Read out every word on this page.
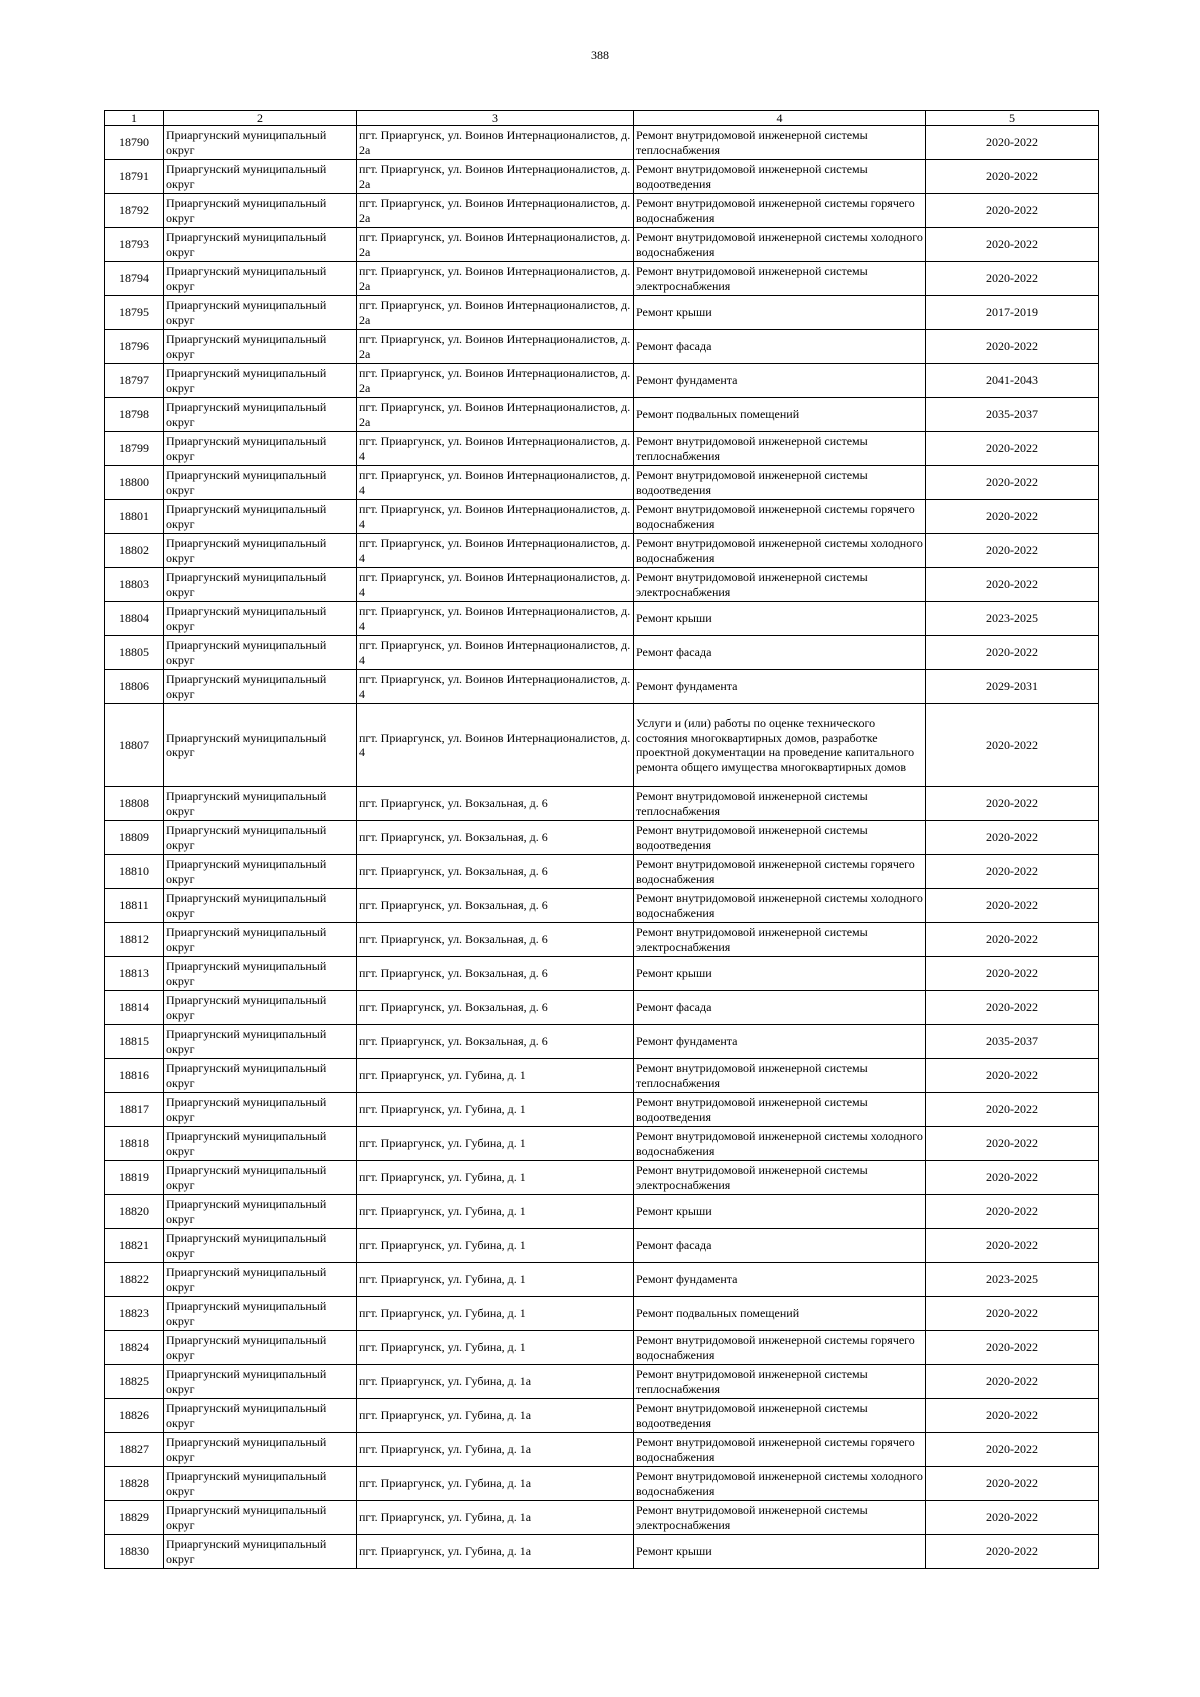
388
1	2	3	4	5
18790	Приаргунский муниципальный округ	пгт. Приаргунск, ул. Воинов Интернационалистов, д. 2а	Ремонт внутридомовой инженерной системы теплоснабжения	2020-2022
18791	Приаргунский муниципальный округ	пгт. Приаргунск, ул. Воинов Интернационалистов, д. 2а	Ремонт внутридомовой инженерной системы водоотведения	2020-2022
18792	Приаргунский муниципальный округ	пгт. Приаргунск, ул. Воинов Интернационалистов, д. 2а	Ремонт внутридомовой инженерной системы горячего водоснабжения	2020-2022
18793	Приаргунский муниципальный округ	пгт. Приаргунск, ул. Воинов Интернационалистов, д. 2а	Ремонт внутридомовой инженерной системы холодного водоснабжения	2020-2022
18794	Приаргунский муниципальный округ	пгт. Приаргунск, ул. Воинов Интернационалистов, д. 2а	Ремонт внутридомовой инженерной системы электроснабжения	2020-2022
18795	Приаргунский муниципальный округ	пгт. Приаргунск, ул. Воинов Интернационалистов, д. 2а	Ремонт крыши	2017-2019
18796	Приаргунский муниципальный округ	пгт. Приаргунск, ул. Воинов Интернационалистов, д. 2а	Ремонт фасада	2020-2022
18797	Приаргунский муниципальный округ	пгт. Приаргунск, ул. Воинов Интернационалистов, д. 2а	Ремонт фундамента	2041-2043
18798	Приаргунский муниципальный округ	пгт. Приаргунск, ул. Воинов Интернационалистов, д. 2а	Ремонт подвальных помещений	2035-2037
18799	Приаргунский муниципальный округ	пгт. Приаргунск, ул. Воинов Интернационалистов, д. 4	Ремонт внутридомовой инженерной системы теплоснабжения	2020-2022
18800	Приаргунский муниципальный округ	пгт. Приаргунск, ул. Воинов Интернационалистов, д. 4	Ремонт внутридомовой инженерной системы водоотведения	2020-2022
18801	Приаргунский муниципальный округ	пгт. Приаргунск, ул. Воинов Интернационалистов, д. 4	Ремонт внутридомовой инженерной системы горячего водоснабжения	2020-2022
18802	Приаргунский муниципальный округ	пгт. Приаргунск, ул. Воинов Интернационалистов, д. 4	Ремонт внутридомовой инженерной системы холодного водоснабжения	2020-2022
18803	Приаргунский муниципальный округ	пгт. Приаргунск, ул. Воинов Интернационалистов, д. 4	Ремонт внутридомовой инженерной системы электроснабжения	2020-2022
18804	Приаргунский муниципальный округ	пгт. Приаргунск, ул. Воинов Интернационалистов, д. 4	Ремонт крыши	2023-2025
18805	Приаргунский муниципальный округ	пгт. Приаргунск, ул. Воинов Интернационалистов, д. 4	Ремонт фасада	2020-2022
18806	Приаргунский муниципальный округ	пгт. Приаргунск, ул. Воинов Интернационалистов, д. 4	Ремонт фундамента	2029-2031
18807	Приаргунский муниципальный округ	пгт. Приаргунск, ул. Воинов Интернационалистов, д. 4	Услуги и (или) работы по оценке технического состояния многоквартирных домов, разработке проектной документации на проведение капитального ремонта общего имущества многоквартирных домов	2020-2022
18808	Приаргунский муниципальный округ	пгт. Приаргунск, ул. Вокзальная, д. 6	Ремонт внутридомовой инженерной системы теплоснабжения	2020-2022
18809	Приаргунский муниципальный округ	пгт. Приаргунск, ул. Вокзальная, д. 6	Ремонт внутридомовой инженерной системы водоотведения	2020-2022
18810	Приаргунский муниципальный округ	пгт. Приаргунск, ул. Вокзальная, д. 6	Ремонт внутридомовой инженерной системы горячего водоснабжения	2020-2022
18811	Приаргунский муниципальный округ	пгт. Приаргунск, ул. Вокзальная, д. 6	Ремонт внутридомовой инженерной системы холодного водоснабжения	2020-2022
18812	Приаргунский муниципальный округ	пгт. Приаргунск, ул. Вокзальная, д. 6	Ремонт внутридомовой инженерной системы электроснабжения	2020-2022
18813	Приаргунский муниципальный округ	пгт. Приаргунск, ул. Вокзальная, д. 6	Ремонт крыши	2020-2022
18814	Приаргунский муниципальный округ	пгт. Приаргунск, ул. Вокзальная, д. 6	Ремонт фасада	2020-2022
18815	Приаргунский муниципальный округ	пгт. Приаргунск, ул. Вокзальная, д. 6	Ремонт фундамента	2035-2037
18816	Приаргунский муниципальный округ	пгт. Приаргунск, ул. Губина, д. 1	Ремонт внутридомовой инженерной системы теплоснабжения	2020-2022
18817	Приаргунский муниципальный округ	пгт. Приаргунск, ул. Губина, д. 1	Ремонт внутридомовой инженерной системы водоотведения	2020-2022
18818	Приаргунский муниципальный округ	пгт. Приаргунск, ул. Губина, д. 1	Ремонт внутридомовой инженерной системы холодного водоснабжения	2020-2022
18819	Приаргунский муниципальный округ	пгт. Приаргунск, ул. Губина, д. 1	Ремонт внутридомовой инженерной системы электроснабжения	2020-2022
18820	Приаргунский муниципальный округ	пгт. Приаргунск, ул. Губина, д. 1	Ремонт крыши	2020-2022
18821	Приаргунский муниципальный округ	пгт. Приаргунск, ул. Губина, д. 1	Ремонт фасада	2020-2022
18822	Приаргунский муниципальный округ	пгт. Приаргунск, ул. Губина, д. 1	Ремонт фундамента	2023-2025
18823	Приаргунский муниципальный округ	пгт. Приаргунск, ул. Губина, д. 1	Ремонт подвальных помещений	2020-2022
18824	Приаргунский муниципальный округ	пгт. Приаргунск, ул. Губина, д. 1	Ремонт внутридомовой инженерной системы горячего водоснабжения	2020-2022
18825	Приаргунский муниципальный округ	пгт. Приаргунск, ул. Губина, д. 1а	Ремонт внутридомовой инженерной системы теплоснабжения	2020-2022
18826	Приаргунский муниципальный округ	пгт. Приаргунск, ул. Губина, д. 1а	Ремонт внутридомовой инженерной системы водоотведения	2020-2022
18827	Приаргунский муниципальный округ	пгт. Приаргунск, ул. Губина, д. 1а	Ремонт внутридомовой инженерной системы горячего водоснабжения	2020-2022
18828	Приаргунский муниципальный округ	пгт. Приаргунск, ул. Губина, д. 1а	Ремонт внутридомовой инженерной системы холодного водоснабжения	2020-2022
18829	Приаргунский муниципальный округ	пгт. Приаргунск, ул. Губина, д. 1а	Ремонт внутридомовой инженерной системы электроснабжения	2020-2022
18830	Приаргунский муниципальный округ	пгт. Приаргунск, ул. Губина, д. 1а	Ремонт крыши	2020-2022
